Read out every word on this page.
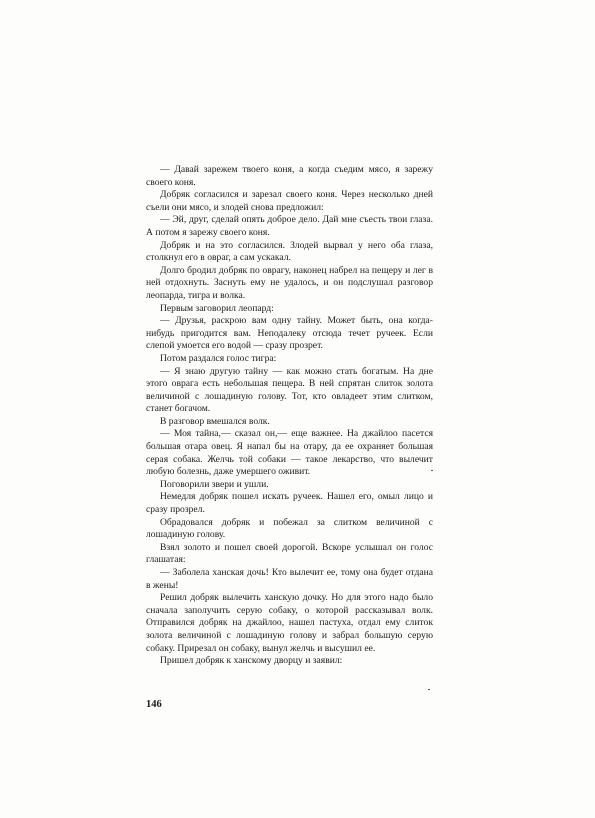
— Давай зарежем твоего коня, а когда съедим мясо, я зарежу своего коня.

Добряк согласился и зарезал своего коня. Через несколько дней съели они мясо, и злодей снова предложил:

— Эй, друг, сделай опять доброе дело. Дай мне съесть твои глаза. А потом я зарежу своего коня.

Добряк и на это согласился. Злодей вырвал у него оба глаза, столкнул его в овраг, а сам ускакал.

Долго бродил добряк по оврагу, наконец набрел на пещеру и лег в ней отдохнуть. Заснуть ему не удалось, и он подслушал разговор леопарда, тигра и волка.

Первым заговорил леопард:

— Друзья, раскрою вам одну тайну. Может быть, она когда-нибудь пригодится вам. Неподалеку отсюда течет ручеек. Если слепой умоется его водой — сразу прозрет.

Потом раздался голос тигра:

— Я знаю другую тайну — как можно стать богатым. На дне этого оврага есть небольшая пещера. В ней спрятан слиток золота величиной с лошадиную голову. Тот, кто овладеет этим слитком, станет богачом.

В разговор вмешался волк.

— Моя тайна,— сказал он,— еще важнее. На джайлоо пасется большая отара овец. Я напал бы на отару, да ее охраняет большая серая собака. Желчь той собаки — такое лекарство, что вылечит любую болезнь, даже умершего оживит.

Поговорили звери и ушли.

Немедля добряк пошел искать ручеек. Нашел его, омыл лицо и сразу прозрел.

Обрадовался добряк и побежал за слитком величиной с лошадиную голову.

Взял золото и пошел своей дорогой. Вскоре услышал он голос глашатая:

— Заболела ханская дочь! Кто вылечит ее, тому она будет отдана в жены!

Решил добряк вылечить ханскую дочку. Но для этого надо было сначала заполучить серую собаку, о которой рассказывал волк. Отправился добряк на джайлоо, нашел пастуха, отдал ему слиток золота величиной с лошадиную голову и забрал большую серую собаку. Прирезал он собаку, вынул желчь и высушил ее.

Пришел добряк к ханскому дворцу и заявил:

146
